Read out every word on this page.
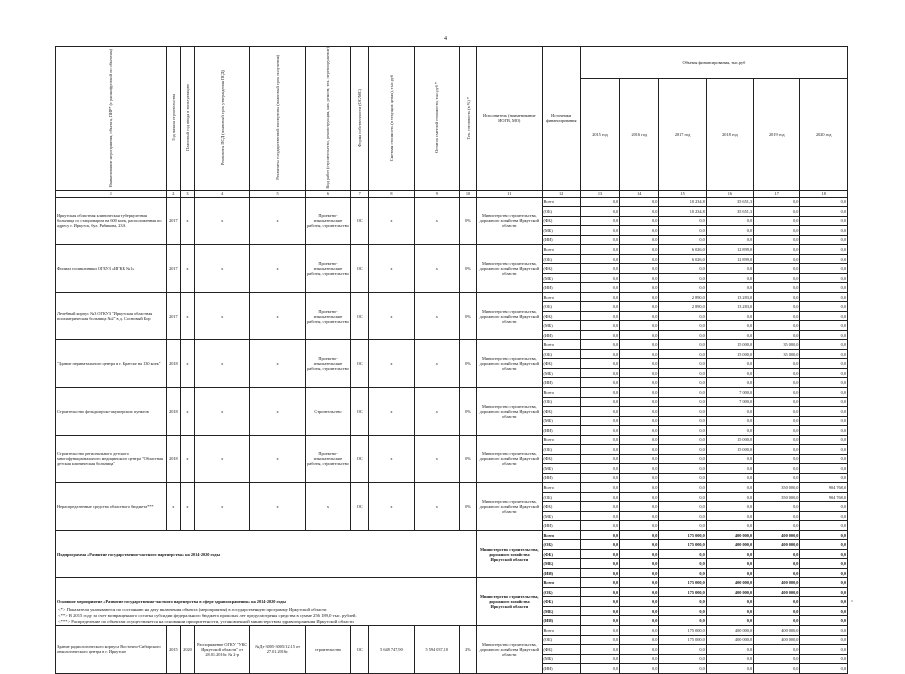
4
Наименование мероприятия, объекта, ПИР* (с расшифровкой по объектам)	Год начала строительства	Плановый год ввода в эксплуатацию	Реквизиты ПСД (плановый срок утверждения ПСД)	Реквизиты государственной экспертизы (плановый срок получения)	Вид работ (строительство, реконструкция, кап. ремонт, тех. перевооружение)	Форма собственности (ОС/МС)	Сметная стоимость (в текущих ценах), тыс.руб	Остаток сметной стоимости, тыс.руб *	Тех. готовность (в %) *	Исполнитель (наименование ИОГВ, МО)	Источники финансирования	Объемы финансирования, тыс.руб					
												2015 год	2016 год	2017 год	2018 год	2019 год	2020 год
1	2	3	4	5	6	7	8	9	10	11	12	13	14	15	16	17	18
Иркутская областная клиническая туберкулезная больница со стационаром на 600 коек, расположенная по адресу г. Иркутск, бул. Рябикова, 23А	2017	x	x	x	Проектно-изыскательские работы, строительство	ОС	x	x	0%	Министерство строительства, дорожного хозяйства Иркутской области	Всего	0,0	0,0	10 234,8	35 651,3	0,0	0,0
											(ОБ)	0,0	0,0	10 234,8	35 651,3	0,0	0,0
											(ФБ)	0,0	0,0	0,0	0,0	0,0	0,0
											(МБ)	0,0	0,0	0,0	0,0	0,0	0,0
											(ИИ)	0,0	0,0	0,0	0,0	0,0	0,0
Филиал поликлиники ОГБУЗ «ИГКБ №1»	2017	x	x	x	Проектно-изыскательские работы, строительство	ОС	x	x	0%	Министерство строительства, дорожного хозяйства Иркутской области	Всего	0,0	0,0	6 026,0	12 899,0	0,0	0,0
											(ОБ)	0,0	0,0	6 026,0	12 899,0	0,0	0,0
											(ФБ)	0,0	0,0	0,0	0,0	0,0	0,0
											(МБ)	0,0	0,0	0,0	0,0	0,0	0,0
											(ИИ)	0,0	0,0	0,0	0,0	0,0	0,0
Лечебный корпус №3 ОГКУЗ "Иркутская областная психиатрическая больница №2" в д. Сосновый Бор	2017	x	x	x	Проектно-изыскательские работы, строительство	ОС	x	x	0%	Министерство строительства, дорожного хозяйства Иркутской области	Всего	0,0	0,0	2 890,0	13 283,0	0,0	0,0
											(ОБ)	0,0	0,0	2 890,0	13 283,0	0,0	0,0
											(ФБ)	0,0	0,0	0,0	0,0	0,0	0,0
											(МБ)	0,0	0,0	0,0	0,0	0,0	0,0
											(ИИ)	0,0	0,0	0,0	0,0	0,0	0,0
"Здание перинатального центра в г. Братске на 130 коек"	2018	x	x	x	Проектно-изыскательские работы, строительство	ОС	x	x	0%	Министерство строительства, дорожного хозяйства Иркутской области	Всего	0,0	0,0	0,0	15 000,0	35 000,0	0,0
											(ОБ)	0,0	0,0	0,0	15 000,0	35 000,0	0,0
											(ФБ)	0,0	0,0	0,0	0,0	0,0	0,0
											(МБ)	0,0	0,0	0,0	0,0	0,0	0,0
											(ИИ)	0,0	0,0	0,0	0,0	0,0	0,0
Строительство фельдшерско-акушерских пунктов	2018	x	x	x	Строительство	ОС	x	x	0%	Министерство строительства, дорожного хозяйства Иркутской области	Всего	0,0	0,0	0,0	7 000,0	0,0	0,0
											(ОБ)	0,0	0,0	0,0	7 000,0	0,0	0,0
											(ФБ)	0,0	0,0	0,0	0,0	0,0	0,0
											(МБ)	0,0	0,0	0,0	0,0	0,0	0,0
											(ИИ)	0,0	0,0	0,0	0,0	0,0	0,0
Строительство регионального детского многофункционального медицинского центра "Областная детская клиническая больница"	2018	x	x	x	Проектно-изыскательские работы, строительство	ОС	x	x	0%	Министерство строительства, дорожного хозяйства Иркутской области	Всего	0,0	0,0	0,0	15 000,0	0,0	0,0
											(ОБ)	0,0	0,0	0,0	15 000,0	0,0	0,0
											(ФБ)	0,0	0,0	0,0	0,0	0,0	0,0
											(МБ)	0,0	0,0	0,0	0,0	0,0	0,0
											(ИИ)	0,0	0,0	0,0	0,0	0,0	0,0
Нераспределенные средства областного бюджета***	x	x	x	x	x	ОС	x	x	0%	Министерство строительства, дорожного хозяйства Иркутской области	Всего	0,0	0,0	0,0	0,0	350 000,0	904 768,0
											(ОБ)	0,0	0,0	0,0	0,0	350 000,0	904 768,0
											(ФБ)	0,0	0,0	0,0	0,0	0,0	0,0
											(МБ)	0,0	0,0	0,0	0,0	0,0	0,0
											(ИИ)	0,0	0,0	0,0	0,0	0,0	0,0
Подпрограмма «Развитие государственно-частного партнерства» на 2014-2020 годы										Министерство строительства, дорожного хозяйства Иркутской области	Всего	0,0	0,0	175 000,0	400 000,0	400 000,0	0,0
											(ОБ)	0,0	0,0	175 000,0	400 000,0	400 000,0	0,0
											(ФБ)	0,0	0,0	0,0	0,0	0,0	0,0
											(МБ)	0,0	0,0	0,0	0,0	0,0	0,0
											(ИИ)	0,0	0,0	0,0	0,0	0,0	0,0
Основное мероприятие «Развитие государственно-частного партнерства в сфере здравоохранения» на 2014-2020 годы										Министерство строительства, дорожного хозяйства Иркутской области	Всего	0,0	0,0	175 000,0	400 000,0	400 000,0	0,0
											(ОБ)	0,0	0,0	175 000,0	400 000,0	400 000,0	0,0
											(ФБ)	0,0	0,0	0,0	0,0	0,0	0,0
											(МБ)	0,0	0,0	0,0	0,0	0,0	0,0
											(ИИ)	0,0	0,0	0,0	0,0	0,0	0,0
Здание радиологического корпуса Восточно-Сибирского онкологического центра в г. Иркутске	2015	2020	Распоряжение ОГКУ "УКС Иркутской области" от 28.01.2016г. № 2-р	№Дз-3005-3005/12.15 от 27.01.2016г.	строительство	ОС	5 648 747,90	5 594 037,10	2%	Министерство строительства, дорожного хозяйства Иркутской области	Всего	0,0	0,0	175 000,0	400 000,0	400 000,0	0,0
											(ОБ)	0,0	0,0	175 000,0	400 000,0	400 000,0	0,0
											(ФБ)	0,0	0,0	0,0	0,0	0,0	0,0
											(МБ)	0,0	0,0	0,0	0,0	0,0	0,0
											(ИИ)	0,0	0,0	0,0	0,0	0,0	0,0
<*> Показатели указываются по состоянию на дату включения объекта (мероприятия) в государственную программу Иркутской области
<**> В 2015 году за счет возвращенного остатка субсидии федерального бюджета прошлых лет предусмотрены средства в сумме 256 189,0 тыс. рублей.
<***> Распределение по объектам осуществляется на основании приоритетности, установленной министерством здравоохранения Иркутской области
"
